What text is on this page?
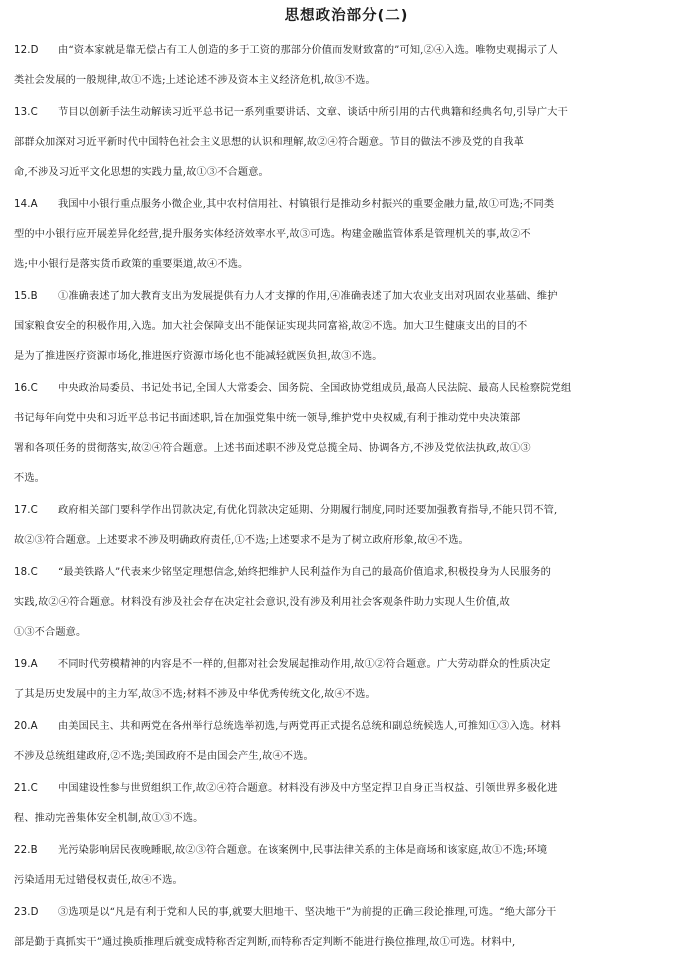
思想政治部分(二)
12.D	由“资本家就是靠无偿占有工人创造的多于工资的那部分价值而发财致富的”可知,②④入选。唯物史观揭示了人
类社会发展的一般规律,故①不选;上述论述不涉及资本主义经济危机,故③不选。
13.C	节目以创新手法生动解读习近平总书记一系列重要讲话、文章、谈话中所引用的古代典籍和经典名句,引导广大干
部群众加深对习近平新时代中国特色社会主义思想的认识和理解,故②④符合题意。节目的做法不涉及党的自我革
命,不涉及习近平文化思想的实践力量,故①③不合题意。
14.A	我国中小银行重点服务小微企业,其中农村信用社、村镇银行是推动乡村振兴的重要金融力量,故①可选;不同类
型的中小银行应开展差异化经营,提升服务实体经济效率水平,故③可选。构建金融监管体系是管理机关的事,故②不
选;中小银行是落实货币政策的重要渠道,故④不选。
15.B	①准确表述了加大教育支出为发展提供有力人才支撑的作用,④准确表述了加大农业支出对巩固农业基础、维护
国家粮食安全的积极作用,入选。加大社会保障支出不能保证实现共同富裕,故②不选。加大卫生健康支出的目的不
是为了推进医疗资源市场化,推进医疗资源市场化也不能减轻就医负担,故③不选。
16.C	中央政治局委员、书记处书记,全国人大常委会、国务院、全国政协党组成员,最高人民法院、最高人民检察院党组
书记每年向党中央和习近平总书记书面述职,旨在加强党集中统一领导,维护党中央权威,有利于推动党中央决策部
署和各项任务的贯彻落实,故②④符合题意。上述书面述职不涉及党总揽全局、协调各方,不涉及党依法执政,故①③
不选。
17.C	政府相关部门要科学作出罚款决定,有优化罚款决定延期、分期履行制度,同时还要加强教育指导,不能只罚不管,
故②③符合题意。上述要求不涉及明确政府责任,①不选;上述要求不是为了树立政府形象,故④不选。
18.C	“最美铁路人”代表来少铭坚定理想信念,始终把维护人民利益作为自己的最高价值追求,积极投身为人民服务的
实践,故②④符合题意。材料没有涉及社会存在决定社会意识,没有涉及利用社会客观条件助力实现人生价值,故
①③不合题意。
19.A	不同时代劳模精神的内容是不一样的,但都对社会发展起推动作用,故①②符合题意。广大劳动群众的性质决定
了其是历史发展中的主力军,故③不选;材料不涉及中华优秀传统文化,故④不选。
20.A	由美国民主、共和两党在各州举行总统选举初选,与两党再正式提名总统和副总统候选人,可推知①③入选。材料
不涉及总统组建政府,②不选;美国政府不是由国会产生,故④不选。
21.C	中国建设性参与世贸组织工作,故②④符合题意。材料没有涉及中方坚定捍卫自身正当权益、引领世界多极化进
程、推动完善集体安全机制,故①③不选。
22.B	光污染影响居民夜晚睡眠,故②③符合题意。在该案例中,民事法律关系的主体是商场和该家庭,故①不选;环境
污染适用无过错侵权责任,故④不选。
23.D	③选项是以“凡是有利于党和人民的事,就要大胆地干、坚决地干”为前提的正确三段论推理,可选。“绝大部分干
部是勤于真抓实干”通过换质推理后就变成特称否定判断,而特称否定判断不能进行换位推理,故①可选。材料中,
